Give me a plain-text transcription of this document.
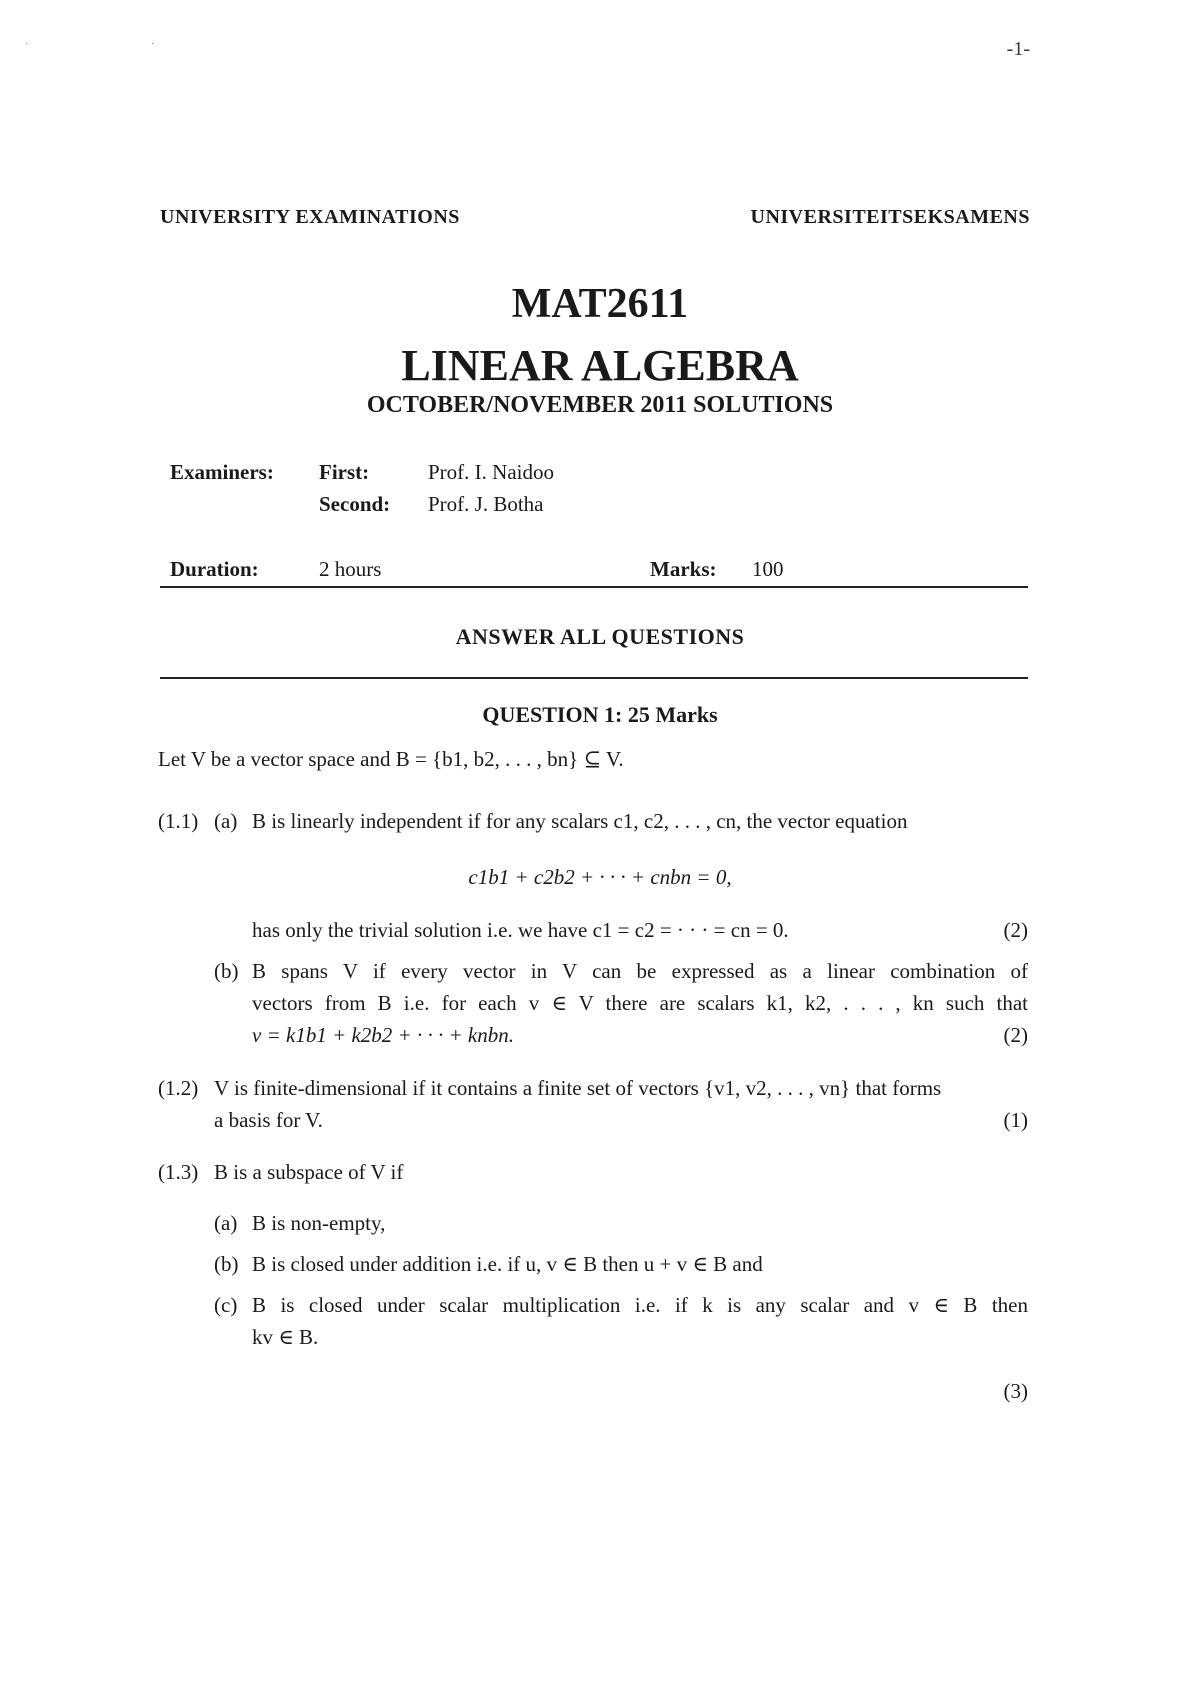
-1-
˙ ˙
UNIVERSITY EXAMINATIONS	UNIVERSITEITSEKSAMENS
MAT2611
LINEAR ALGEBRA
OCTOBER/NOVEMBER 2011 SOLUTIONS
Examiners: First:	Prof. I. Naidoo
Second: Prof. J. Botha
Duration:	2 hours	Marks: 100
ANSWER ALL QUESTIONS
QUESTION 1: 25 Marks
Let V be a vector space and B = {b1, b2, . . . , bn} ⊆ V.
(1.1) (a) B is linearly independent if for any scalars c1, c2, . . . , cn, the vector equation
c1b1 + c2b2 + · · · + cnbn = 0,
has only the trivial solution i.e. we have c1 = c2 = · · · = cn = 0.	(2)
(b) B spans V if every vector in V can be expressed as a linear combination of
vectors from B i.e. for each v ∈ V there are scalars k1, k2, . . . , kn such that
v = k1b1 + k2b2 + · · · + knbn.	(2)
(1.2) V is finite-dimensional if it contains a finite set of vectors {v1, v2, . . . , vn} that forms
a basis for V.	(1)
(1.3) B is a subspace of V if
(a) B is non-empty,
(b) B is closed under addition i.e. if u, v ∈ B then u + v ∈ B and
(c) B is closed under scalar multiplication i.e. if k is any scalar and v ∈ B then
kv ∈ B.
(3)
